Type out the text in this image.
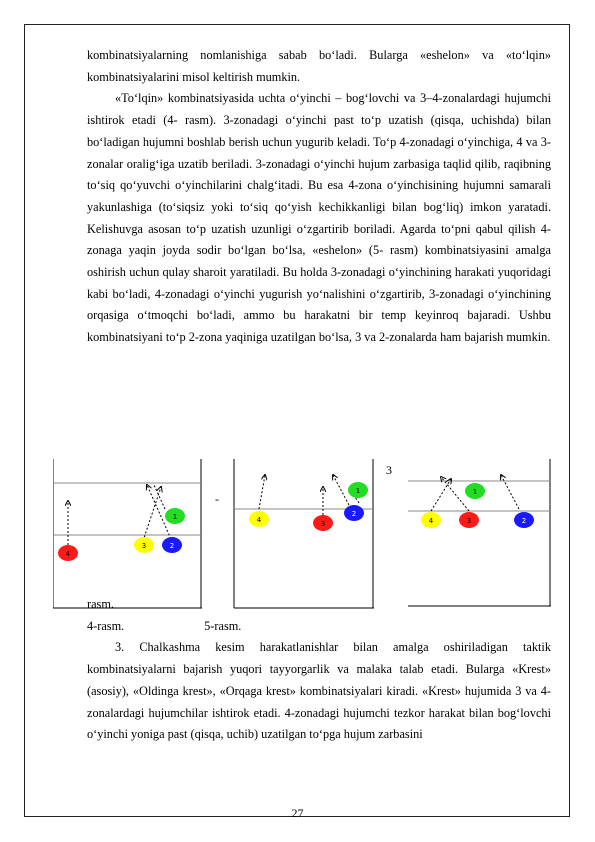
kombinatsiyalarning nomlanishiga sabab bo‘ladi. Bularga «eshelon» va «to‘lqin» kombinatsiyalarini misol keltirish mumkin.

«To‘lqin» kombinatsiyasida uchta o‘yinchi – bog‘lovchi va 3–4-zonalardagi hujumchi ishtirok etadi (4- rasm). 3-zonadagi o‘yinchi past to‘p uzatish (qisqa, uchishda) bilan bo‘ladigan hujumni boshlab berish uchun yugurib keladi. To‘p 4-zonadagi o‘yinchiga, 4 va 3-zonalar oralig‘iga uzatib beriladi. 3-zonadagi o‘yinchi hujum zarbasiga taqlid qilib, raqibning to‘siq qo‘yuvchi o‘yinchilarini chalg‘itadi. Bu esa 4-zona o‘yinchisining hujumni samarali yakunlashiga (to‘siqsiz yoki to‘siq qo‘yish kechikkanligi bilan bog‘liq) imkon yaratadi. Kelishuvga asosan to‘p uzatish uzunligi o‘zgartirib boriladi. Agarda to‘pni qabul qilish 4-zonaga yaqin joyda sodir bo‘lgan bo‘lsa, «eshelon» (5- rasm) kombinatsiyasini amalga oshirish uchun qulay sharoit yaratiladi. Bu holda 3-zonadagi o‘yinchining harakati yuqoridagi kabi bo‘ladi, 4-zonadagi o‘yinchi yugurish yo‘nalishini o‘zgartirib, 3-zonadagi o‘yinchining orqasiga o‘tmoqchi bo‘ladi, ammo bu harakatni bir temp keyinroq bajaradi. Ushbu kombinatsiyani to‘p 2-zona yaqiniga uzatilgan bo‘lsa, 3 va 2-zonalarda ham bajarish mumkin.

-
3
4
3	2
1	4	3
2
1
4	3	2
1

rasm.

4-rasm.                          5-rasm.

3. Chalkashma kesim harakatlanishlar bilan amalga oshiriladigan taktik kombinatsiyalarni bajarish yuqori tayyorgarlik va malaka talab etadi. Bularga «Krest» (asosiy), «Oldinga krest», «Orqaga krest» kombinatsiyalari kiradi. «Krest» hujumida 3 va 4-zonalardagi hujumchilar ishtirok etadi. 4-zonadagi hujumchi tezkor harakat bilan bog‘lovchi o‘yinchi yoniga past (qisqa, uchib) uzatilgan to‘pga hujum zarbasini

27
